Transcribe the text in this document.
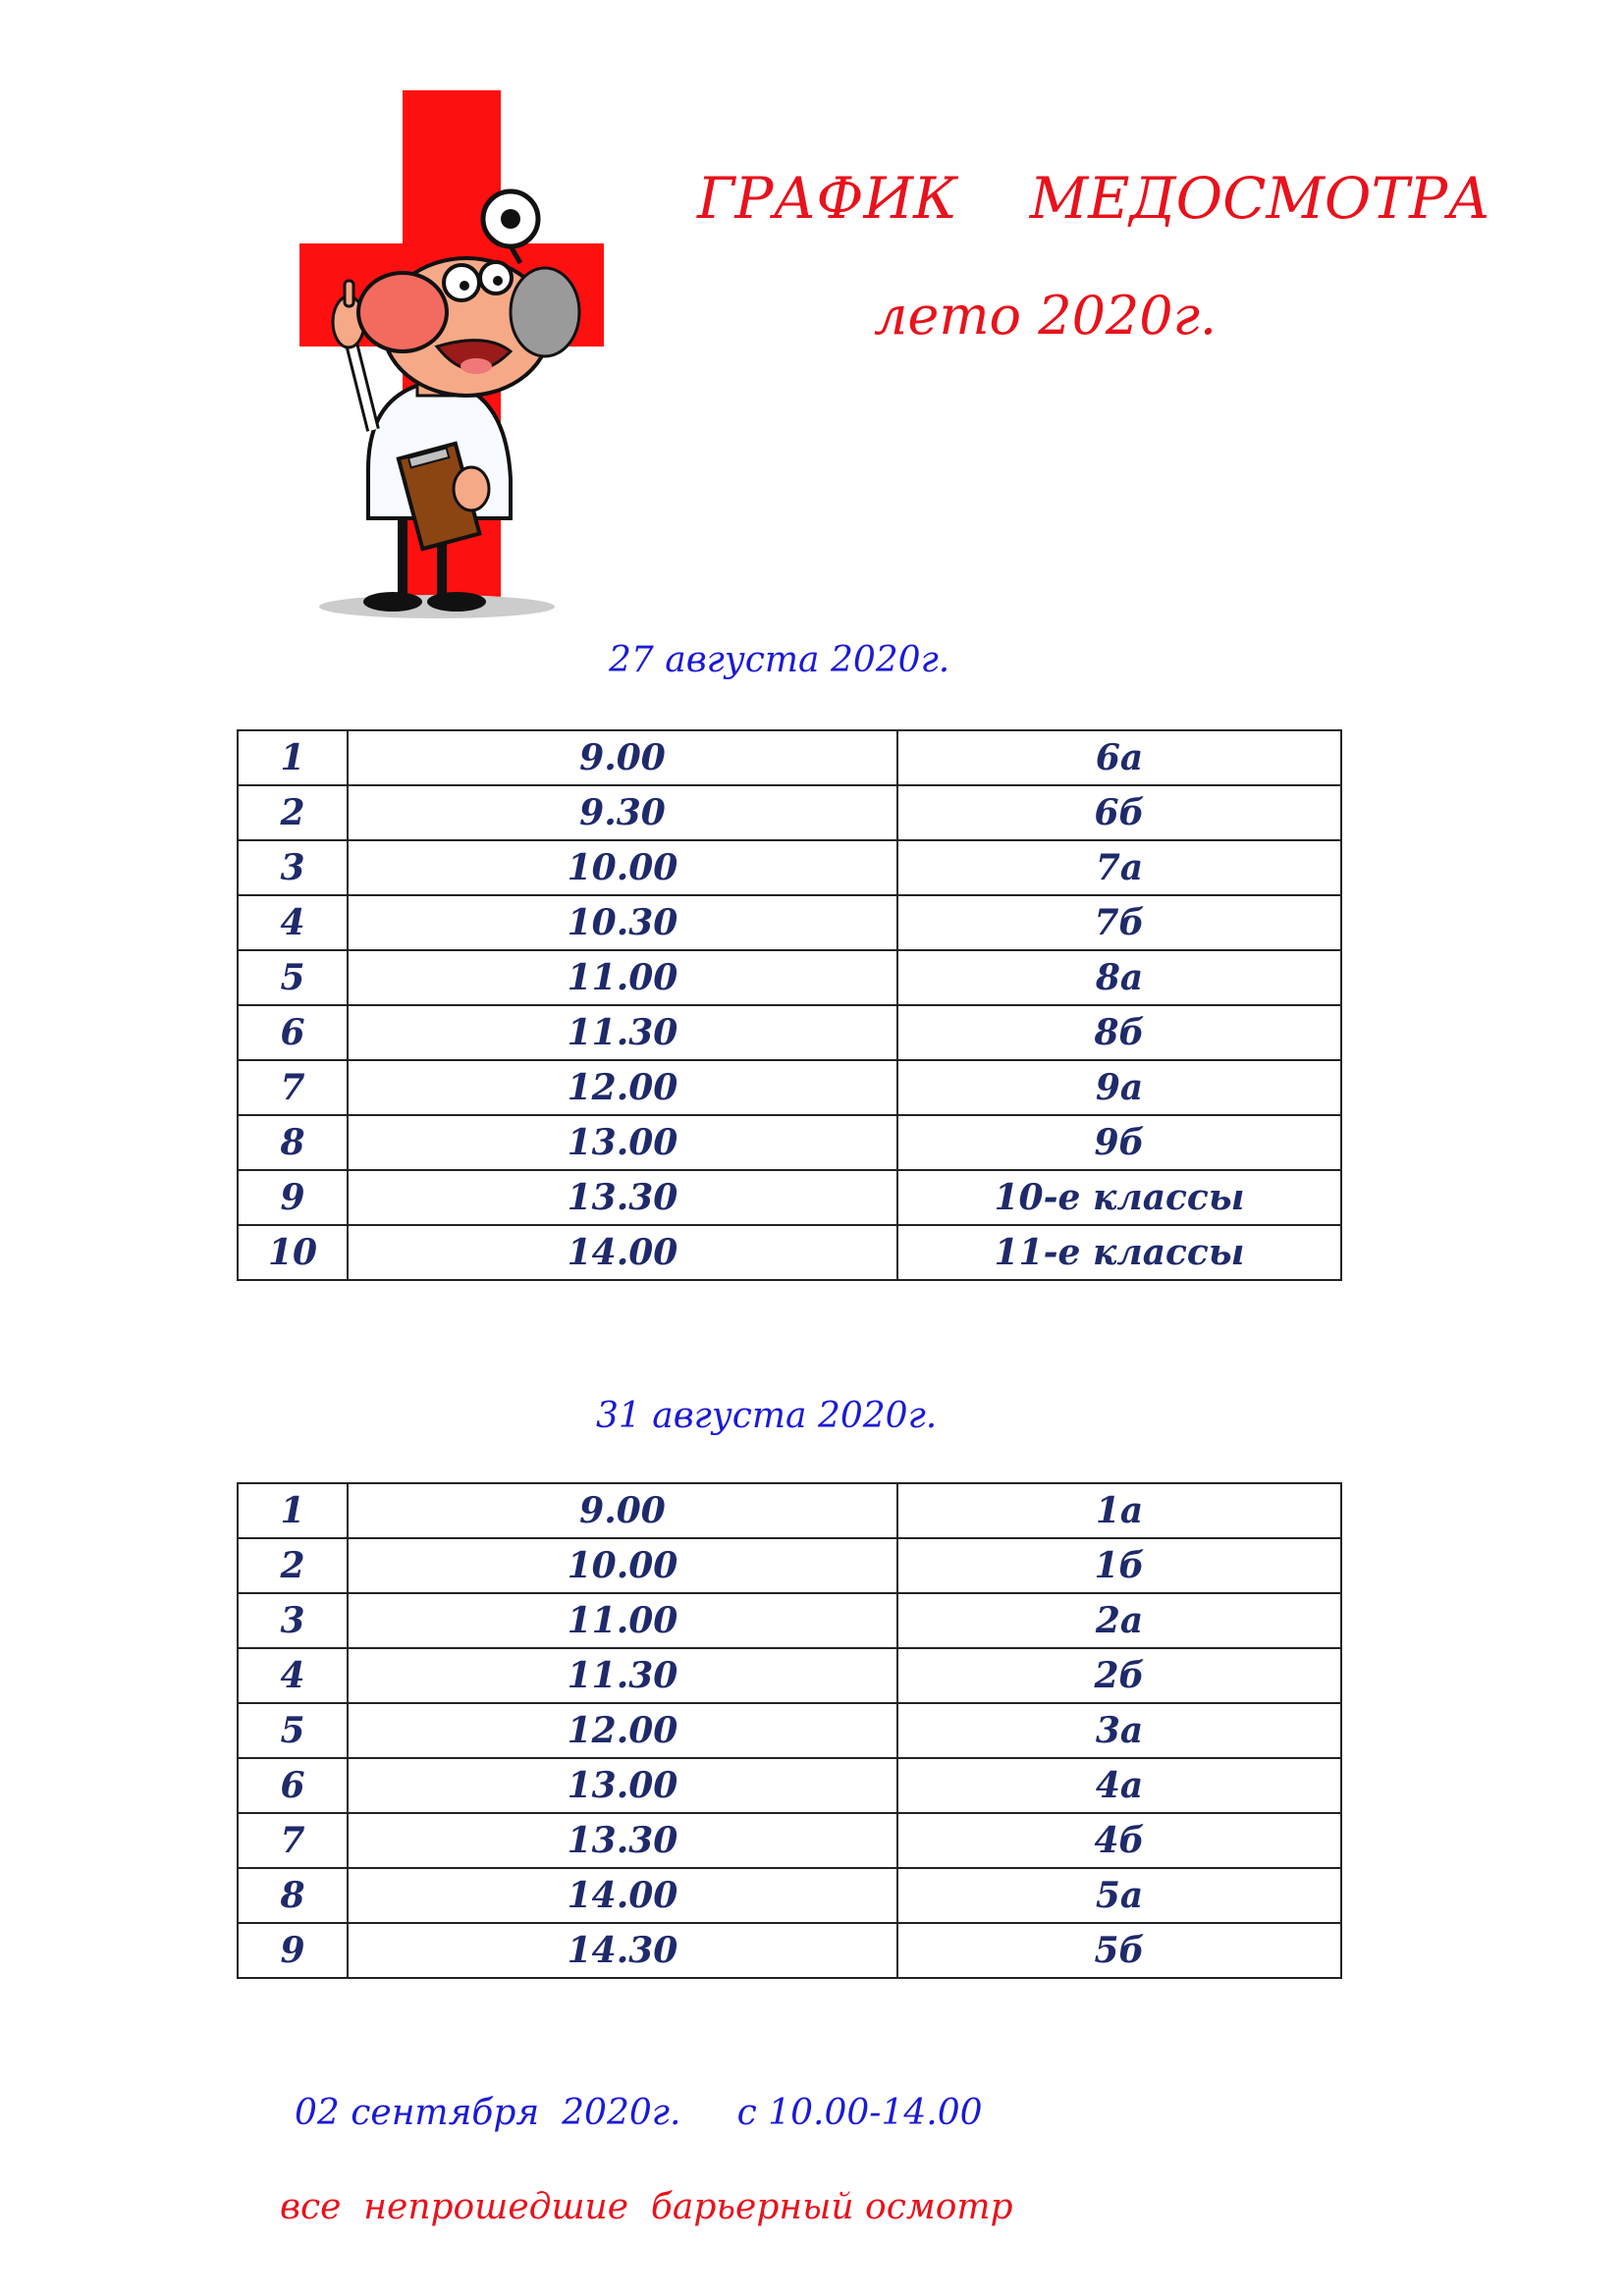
ГРАФИК    МЕДОСМОТРА
лето 2020г.
27 августа 2020г.
1	9.00	6а
2	9.30	6б
3	10.00	7а
4	10.30	7б
5	11.00	8а
6	11.30	8б
7	12.00	9а
8	13.00	9б
9	13.30	10-е классы
10	14.00	11-е классы
31 августа 2020г.
1	9.00	1а
2	10.00	1б
3	11.00	2а
4	11.30	2б
5	12.00	3а
6	13.00	4а
7	13.30	4б
8	14.00	5а
9	14.30	5б
02 сентября  2020г.     с 10.00-14.00
все  непрошедшие  барьерный осмотр
